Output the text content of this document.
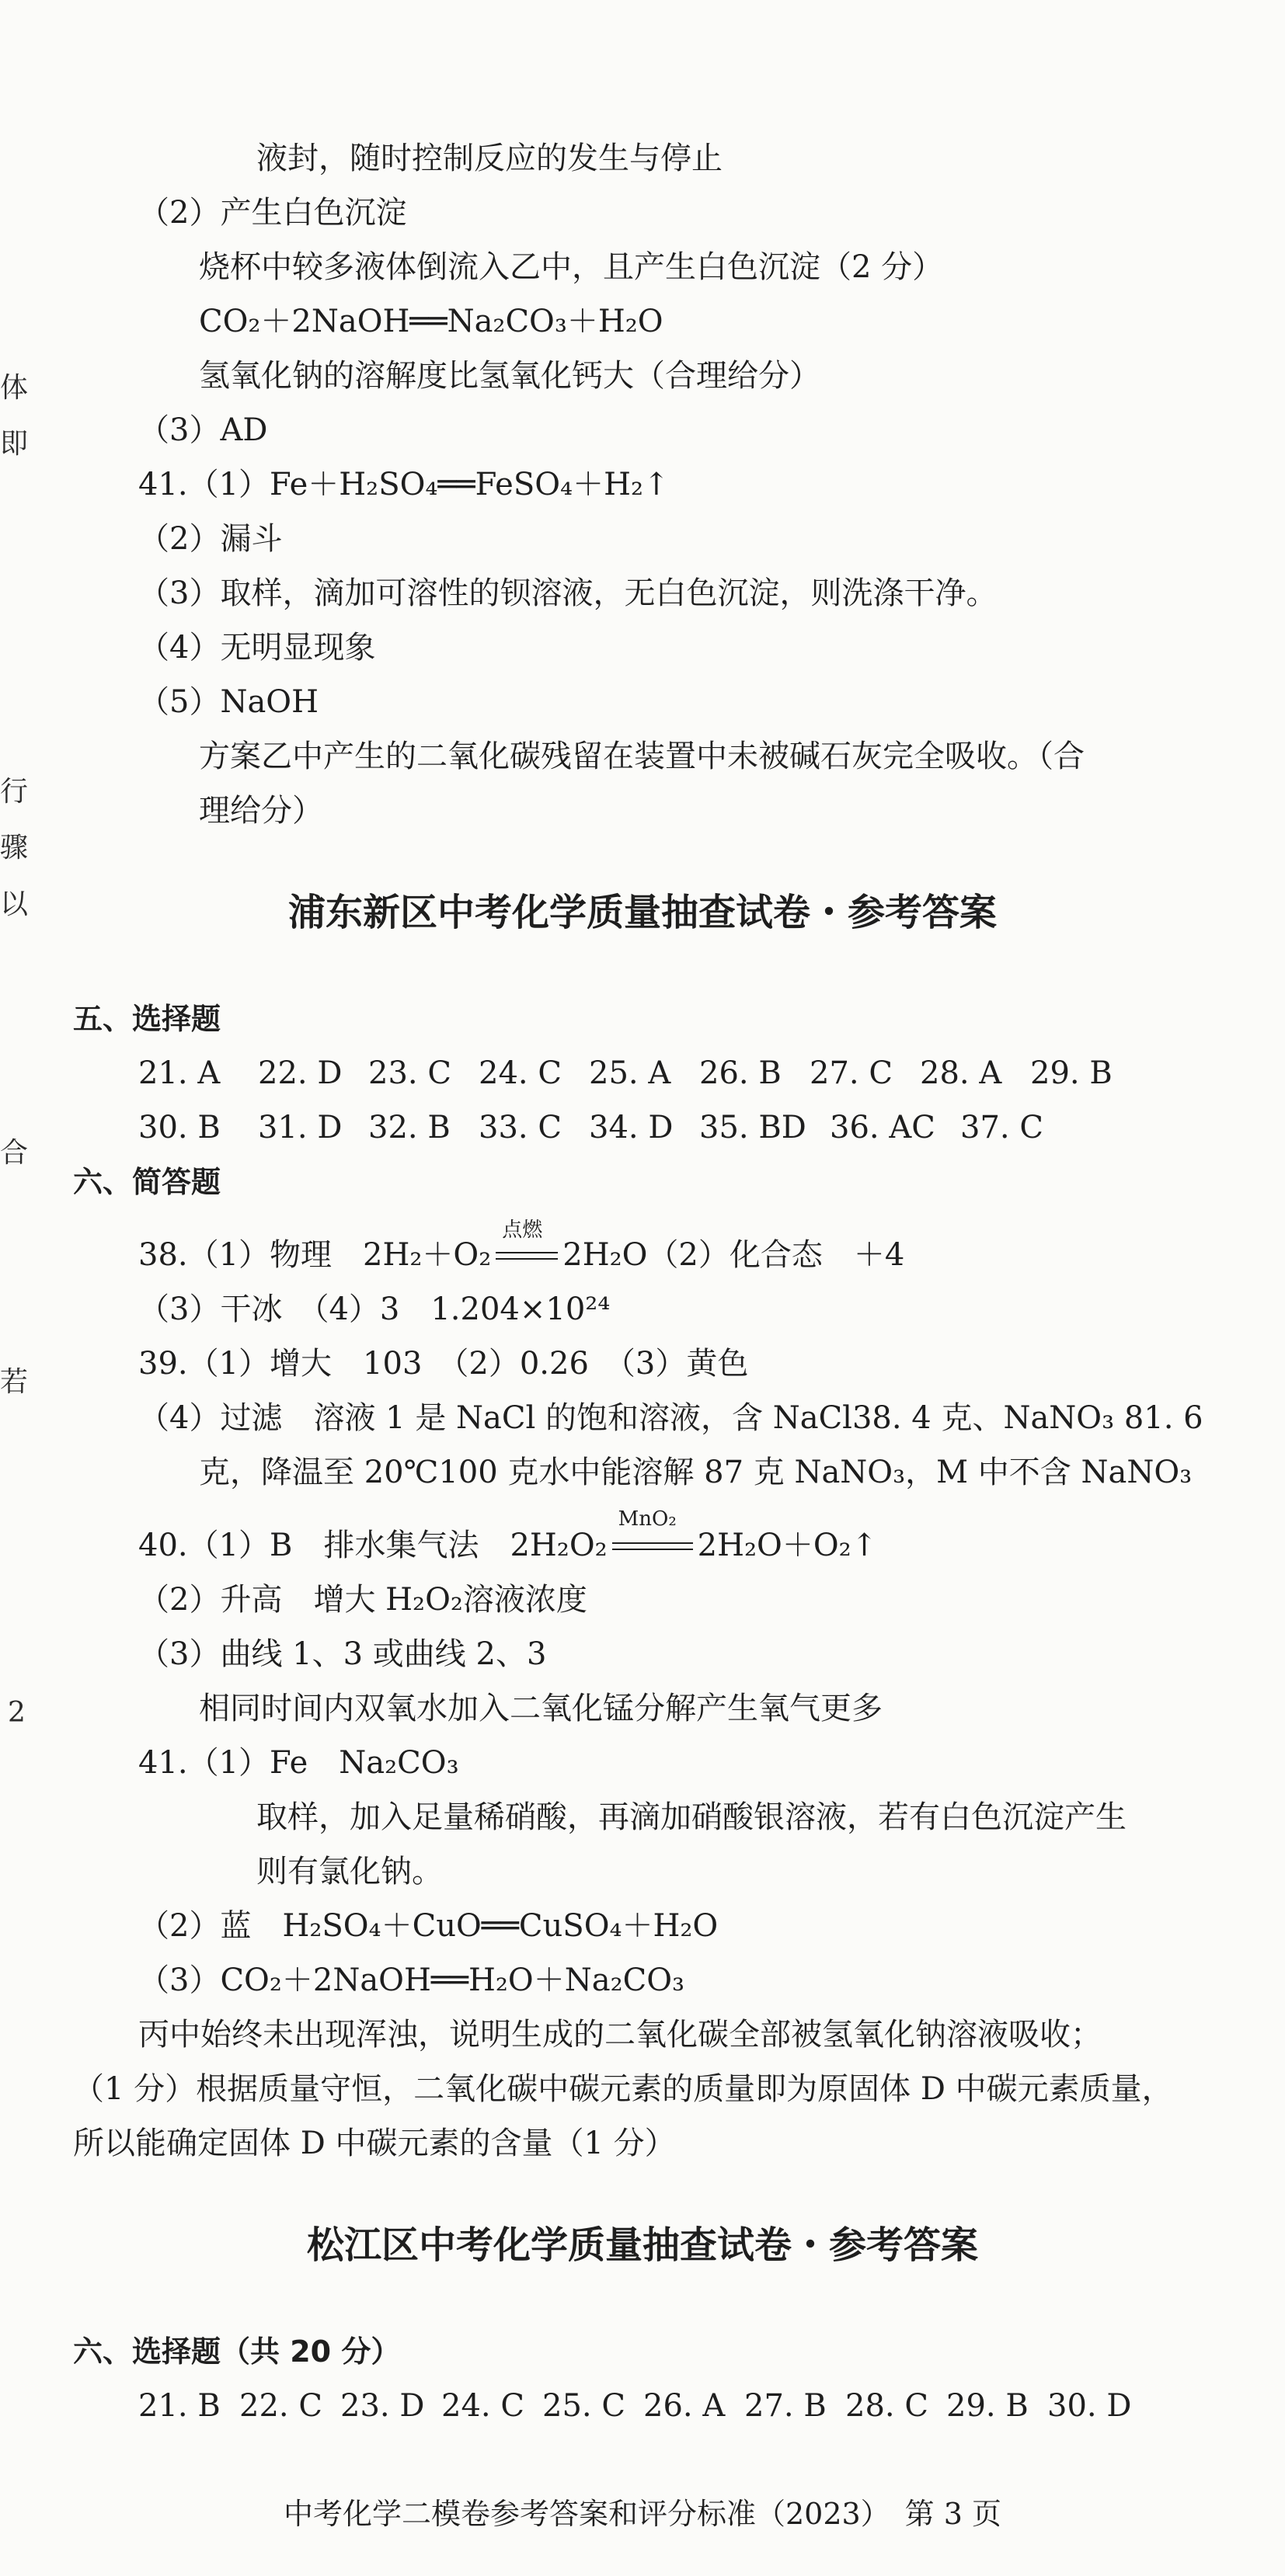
体
即
行
骤
以
合
若
2
液封，随时控制反应的发生与停止
（2）产生白色沉淀
烧杯中较多液体倒流入乙中，且产生白色沉淀（2 分）
CO₂＋2NaOH══Na₂CO₃＋H₂O
氢氧化钠的溶解度比氢氧化钙大（合理给分）
（3）AD
41.（1）Fe＋H₂SO₄══FeSO₄＋H₂↑
（2）漏斗
（3）取样，滴加可溶性的钡溶液，无白色沉淀，则洗涤干净。
（4）无明显现象
（5）NaOH
方案乙中产生的二氧化碳残留在装置中未被碱石灰完全吸收。（合
理给分）
浦东新区中考化学质量抽查试卷・参考答案
五、选择题
21. A 22. D 23. C 24. C 25. A 26. B 27. C 28. A 29. B
30. B 31. D 32. B 33. C 34. D 35. BD 36. AC 37. C
六、简答题
38.（1）物理　2H₂＋O₂
点燃
2H₂O（2）化合态　＋4
（3）干冰　（4）3　1.204×10²⁴
39.（1）增大　103　（2）0.26　（3）黄色
（4）过滤　溶液 1 是 NaCl 的饱和溶液，含 NaCl38. 4 克、NaNO₃ 81. 6
克，降温至 20℃100 克水中能溶解 87 克 NaNO₃，M 中不含 NaNO₃
40.（1）B　排水集气法　2H₂O₂
MnO₂
2H₂O＋O₂↑
（2）升高　增大 H₂O₂溶液浓度
（3）曲线 1、3 或曲线 2、3
相同时间内双氧水加入二氧化锰分解产生氧气更多
41.（1）Fe　Na₂CO₃
取样，加入足量稀硝酸，再滴加硝酸银溶液，若有白色沉淀产生
则有氯化钠。
（2）蓝　H₂SO₄＋CuO══CuSO₄＋H₂O
（3）CO₂＋2NaOH══H₂O＋Na₂CO₃
丙中始终未出现浑浊，说明生成的二氧化碳全部被氢氧化钠溶液吸收；
（1 分）根据质量守恒，二氧化碳中碳元素的质量即为原固体 D 中碳元素质量，
所以能确定固体 D 中碳元素的含量（1 分）
松江区中考化学质量抽查试卷・参考答案
六、选择题（共 20 分）
21. B 22. C 23. D 24. C 25. C 26. A 27. B 28. C 29. B 30. D
中考化学二模卷参考答案和评分标准（2023）　第 3 页
